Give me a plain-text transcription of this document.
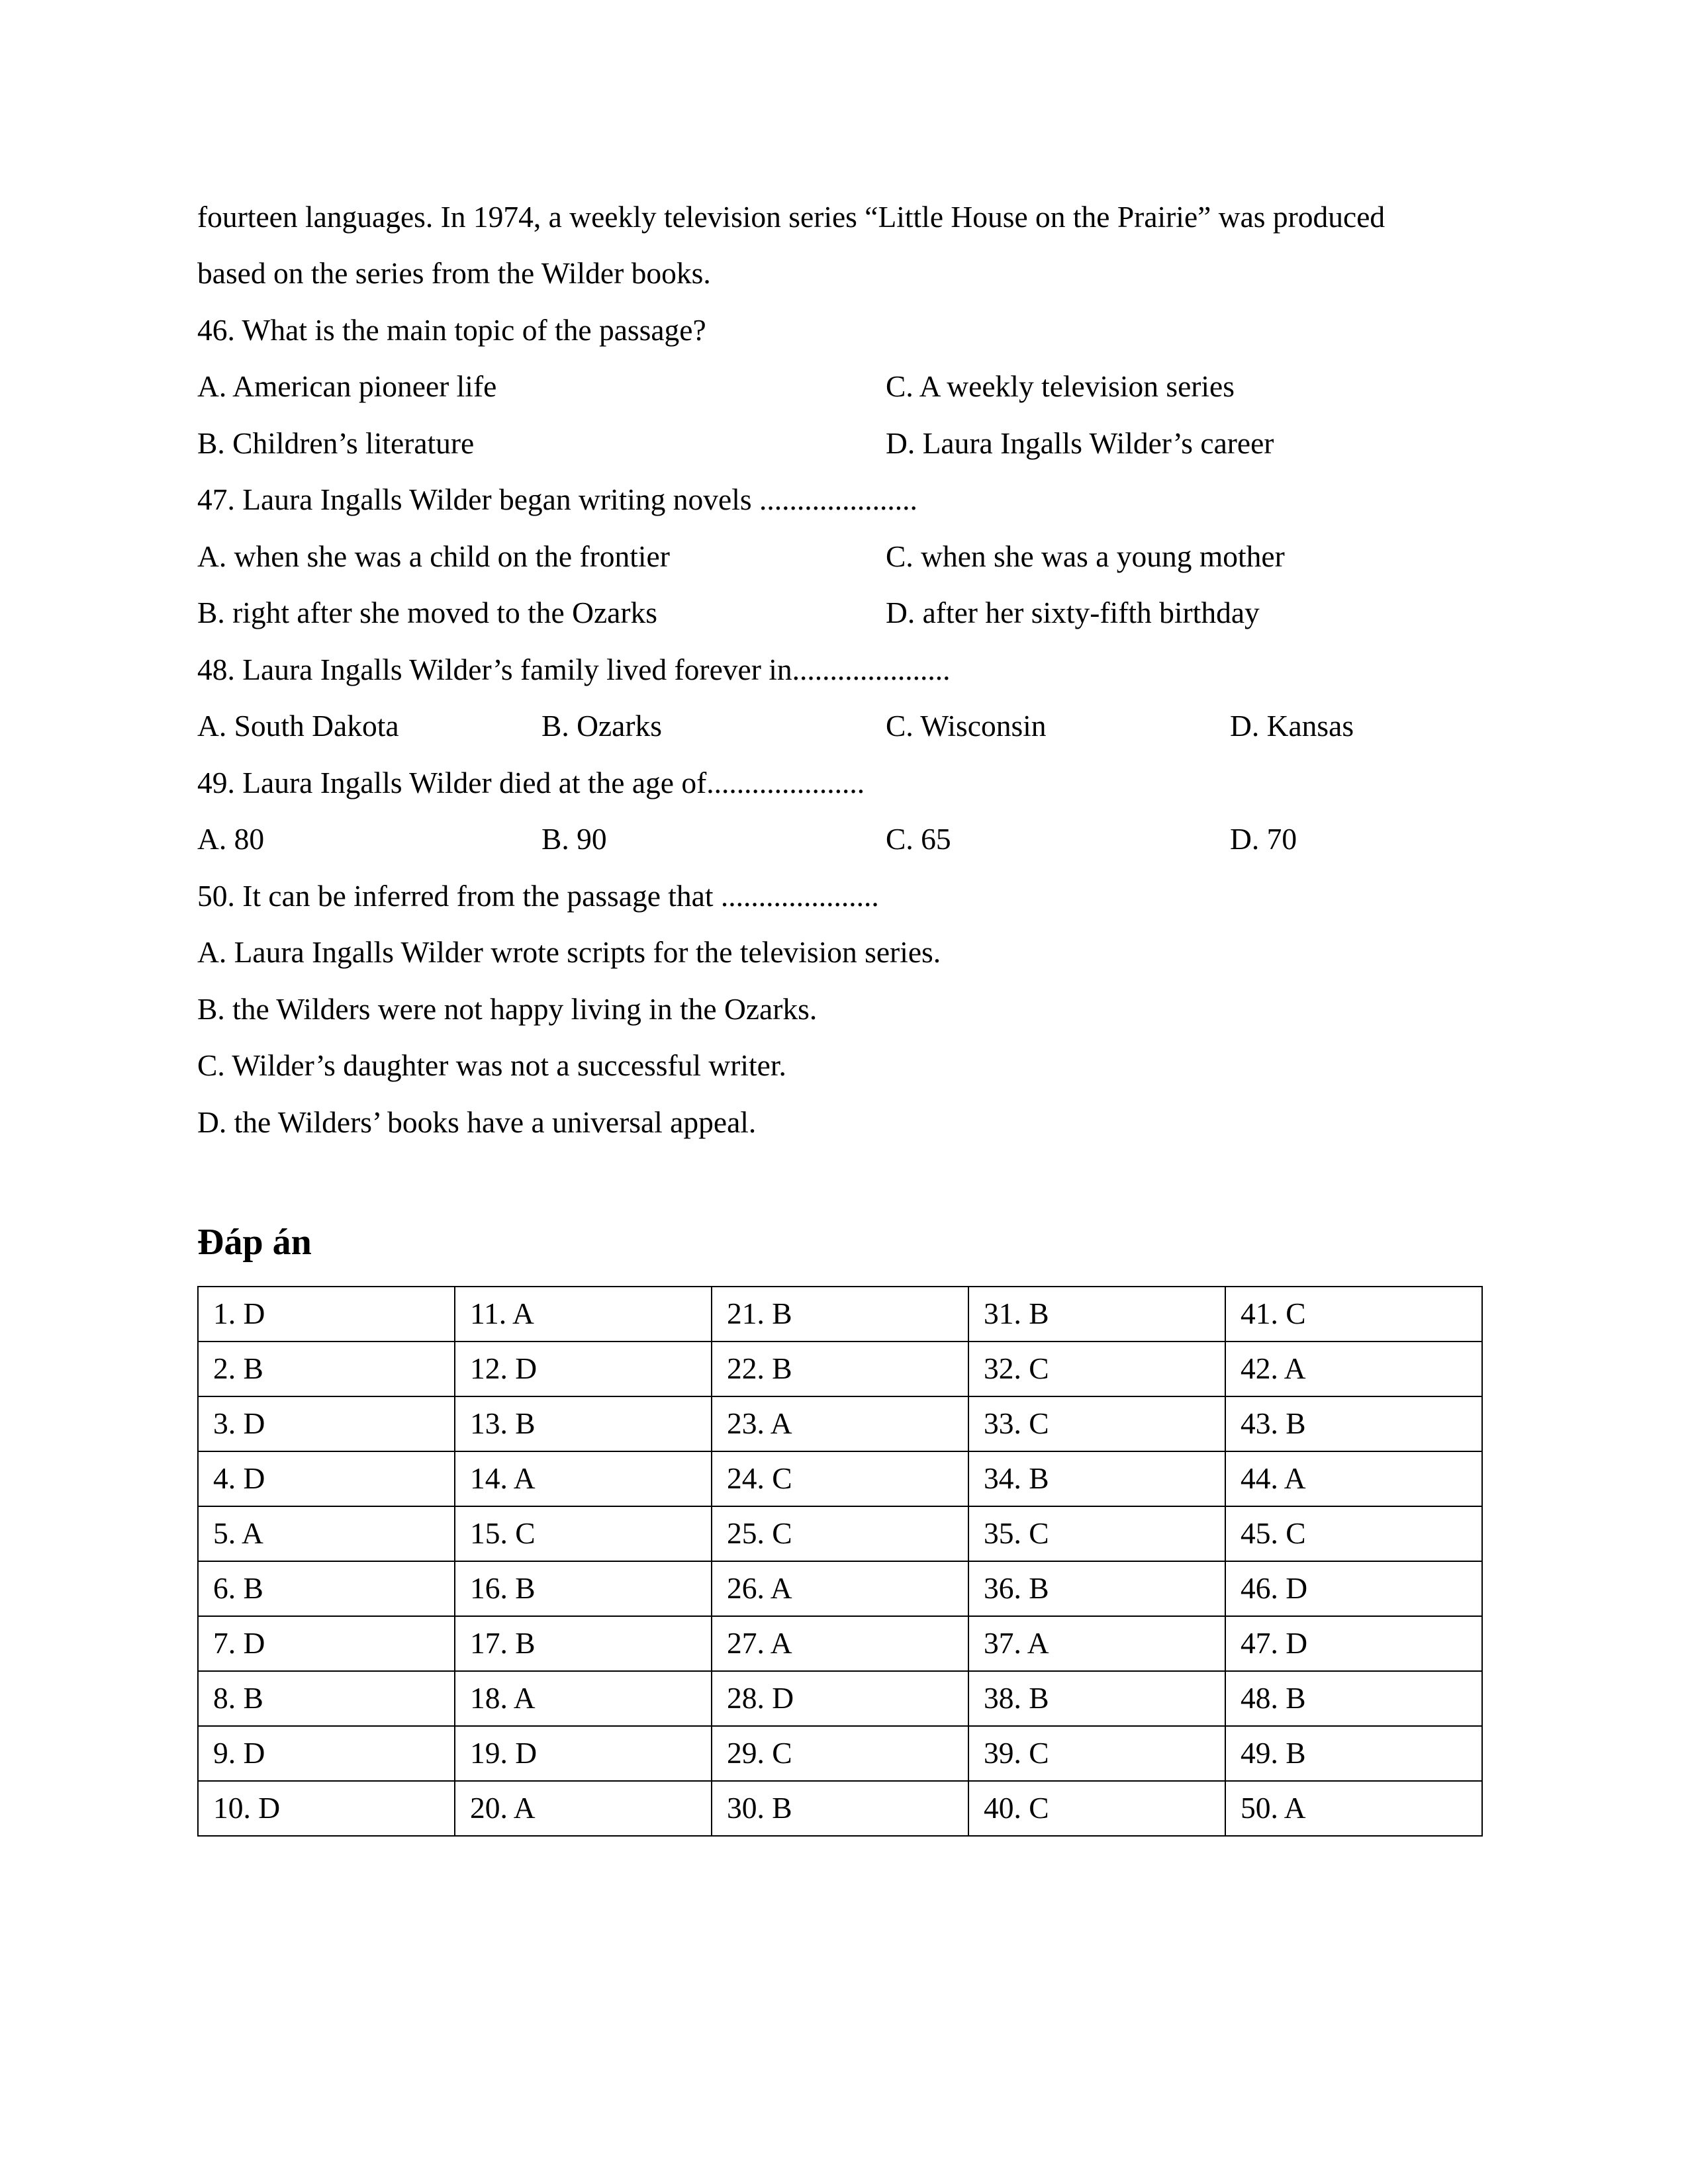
fourteen languages. In 1974, a weekly television series “Little House on the Prairie” was produced
based on the series from the Wilder books.
46. What is the main topic of the passage?
A. American pioneer life	C. A weekly television series
B. Children’s literature	D. Laura Ingalls Wilder’s career
47. Laura Ingalls Wilder began writing novels .....................
A. when she was a child on the frontier	C. when she was a young mother
B. right after she moved to the Ozarks	D. after her sixty-fifth birthday
48. Laura Ingalls Wilder’s family lived forever in.....................
A. South Dakota	B. Ozarks	C. Wisconsin	D. Kansas
49. Laura Ingalls Wilder died at the age of.....................
A. 80	B. 90	C. 65	D. 70
50. It can be inferred from the passage that .....................
A. Laura Ingalls Wilder wrote scripts for the television series.
B. the Wilders were not happy living in the Ozarks.
C. Wilder’s daughter was not a successful writer.
D. the Wilders’ books have a universal appeal.
Đáp án
1. D	11. A	21. B	31. B	41. C
2. B	12. D	22. B	32. C	42. A
3. D	13. B	23. A	33. C	43. B
4. D	14. A	24. C	34. B	44. A
5. A	15. C	25. C	35. C	45. C
6. B	16. B	26. A	36. B	46. D
7. D	17. B	27. A	37. A	47. D
8. B	18. A	28. D	38. B	48. B
9. D	19. D	29. C	39. C	49. B
10. D	20. A	30. B	40. C	50. A
